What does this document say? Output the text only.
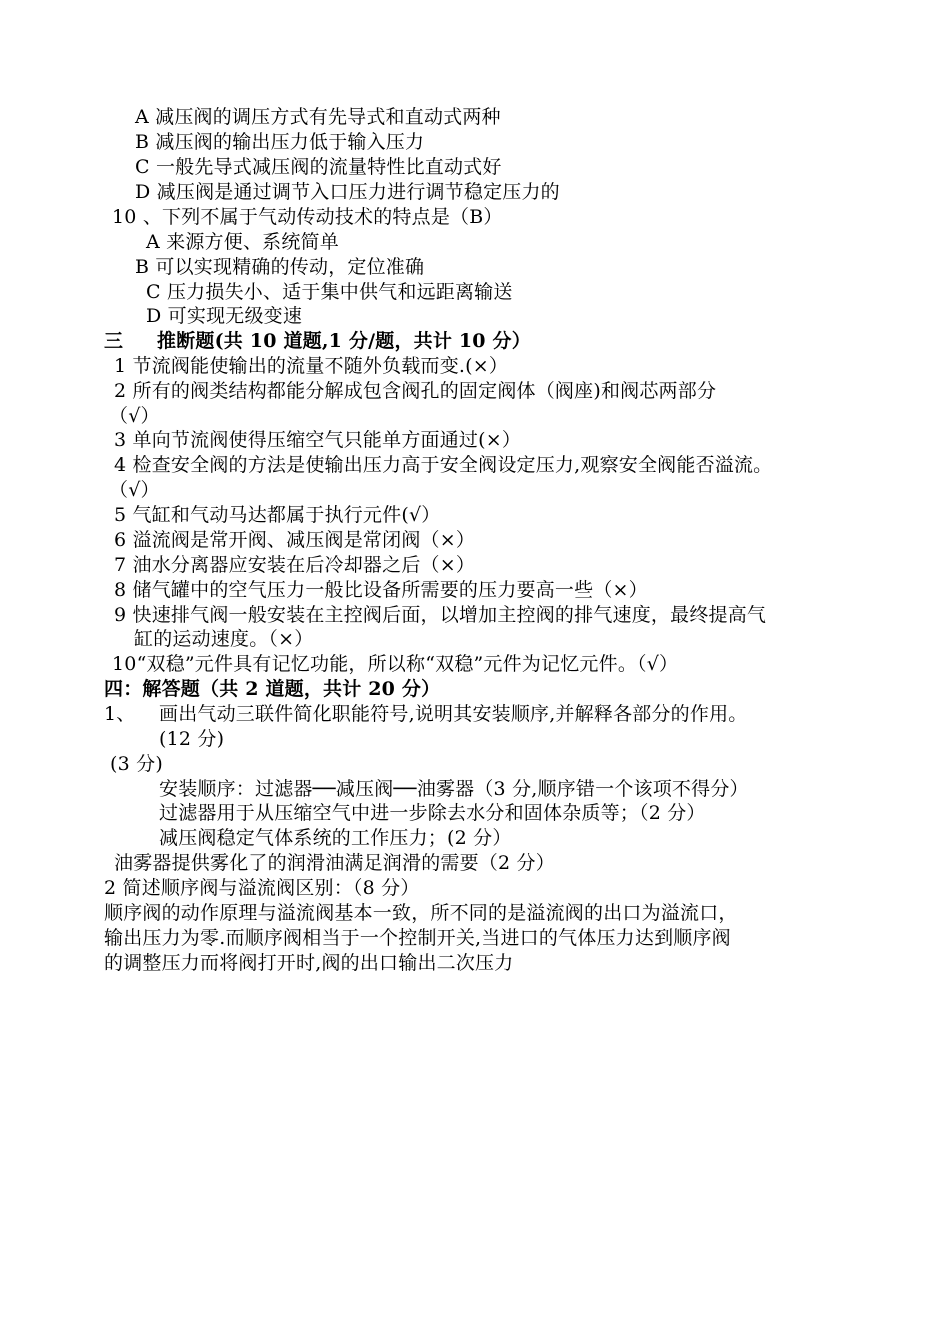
A 减压阀的调压方式有先导式和直动式两种
B 减压阀的输出压力低于输入压力
C 一般先导式减压阀的流量特性比直动式好
D 减压阀是通过调节入口压力进行调节稳定压力的
10 、下列不属于气动传动技术的特点是（B）
A 来源方便、系统简单
B 可以实现精确的传动，定位准确
C 压力损失小、适于集中供气和远距离输送
D 可实现无级变速
三 推断题(共 10 道题,1 分/题，共计 10 分）
1 节流阀能使输出的流量不随外负载而变.(×）
2 所有的阀类结构都能分解成包含阀孔的固定阀体（阀座)和阀芯两部分
（√）
3 单向节流阀使得压缩空气只能单方面通过(×）
4 检查安全阀的方法是使输出压力高于安全阀设定压力,观察安全阀能否溢流。
（√）
5 气缸和气动马达都属于执行元件(√）
6 溢流阀是常开阀、减压阀是常闭阀（×）
7 油水分离器应安装在后冷却器之后（×）
8 储气罐中的空气压力一般比设备所需要的压力要高一些（×）
9 快速排气阀一般安装在主控阀后面，以增加主控阀的排气速度，最终提高气
缸的运动速度。（×）
10“双稳”元件具有记忆功能，所以称“双稳”元件为记忆元件。（√）
四：解答题（共 2 道题，共计 20 分）
1、 画出气动三联件简化职能符号,说明其安装顺序,并解释各部分的作用。
(12 分)
(3 分)
安装顺序：过滤器──减压阀──油雾器（3 分,顺序错一个该项不得分）
过滤器用于从压缩空气中进一步除去水分和固体杂质等；（2 分）
减压阀稳定气体系统的工作压力；(2 分）
油雾器提供雾化了的润滑油满足润滑的需要（2 分）
2 简述顺序阀与溢流阀区别：（8 分）
顺序阀的动作原理与溢流阀基本一致，所不同的是溢流阀的出口为溢流口，
输出压力为零.而顺序阀相当于一个控制开关,当进口的气体压力达到顺序阀
的调整压力而将阀打开时,阀的出口输出二次压力
